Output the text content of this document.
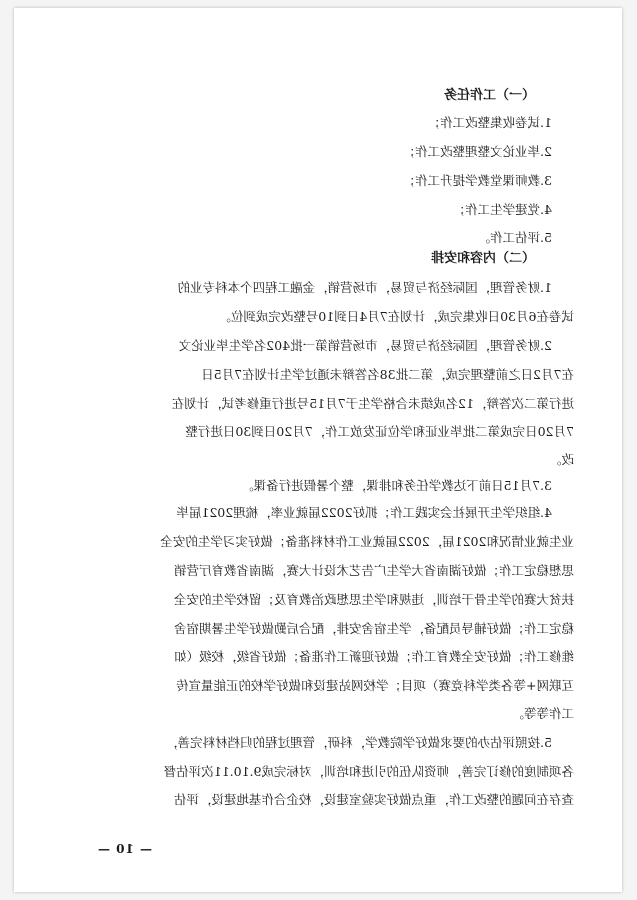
（一）工作任务
1.试卷收集整改工作；
2.毕业论文整理整改工作；
3.教师课堂教学提升工作；
4.党建学生工作；
5.评估工作。
（二）内容和安排
1.财务管理，国际经济与贸易，市场营销，金融工程四个本科专业的
试卷在6月30日收集完成，计划在7月4日到10号整改完成到位。
2.财务管理，国际经济与贸易，市场营销第一批402名学生毕业论文
在7月2日之前整理完成，第二批38名答辩未通过学生计划在7月5日
进行第二次答辩，12名成绩未合格学生于7月15号进行重修考试，计划在
7月20日完成第二批毕业证和学位证发放工作，7月20日到30日进行整
改。
3.7月15日前下达教学任务和排课，整个暑假进行备课。
4.组织学生开展社会实践工作；抓好2022届就业率，梳理2021届毕
业生就业情况和2021届，2022届就业工作材料准备；做好实习学生的安全
思想稳定工作；做好湖南省大学生广告艺术设计大赛，湖南省教育厅营销
扶贫大赛的学生骨干培训，违规和学生思想政治教育及；留校学生的安全
稳定工作；做好辅导员配备，学生宿舍安排，配合后勤做好学生暑期宿舍
维修工作；做好安全教育工作；做好迎新工作准备；做好省级，校级（如
互联网+等各类学科竞赛）项目；学校网站建设和做好学校的正能量宣传
工作等等。
5.按照评估办的要求做好学院教学，科研，管理过程的归档材料完善，
各项制度的修订完善，师资队伍的引进和培训，对标完成9.10.11次评估督
查存在问题的整改工作，重点做好实验室建设，校企合作基地建设，评估
— 10 —
